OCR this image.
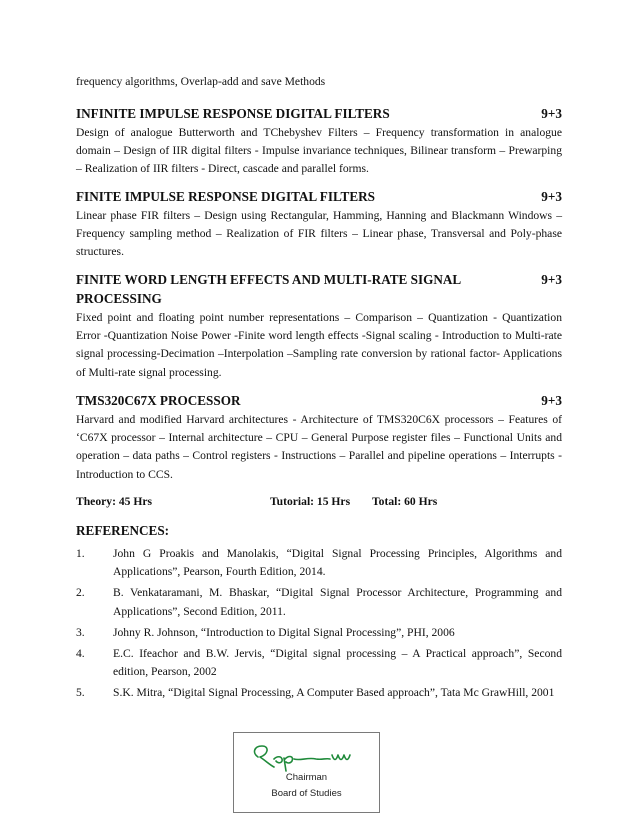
frequency algorithms, Overlap-add and save Methods
INFINITE IMPULSE RESPONSE DIGITAL FILTERS	9+3
Design of analogue Butterworth and TChebyshev Filters – Frequency transformation in analogue domain – Design of IIR digital filters - Impulse invariance techniques, Bilinear transform – Prewarping – Realization of IIR filters - Direct, cascade and parallel forms.
FINITE IMPULSE RESPONSE DIGITAL FILTERS	9+3
Linear phase FIR filters – Design using Rectangular, Hamming, Hanning and Blackmann Windows – Frequency sampling method – Realization of FIR filters – Linear phase, Transversal and Poly-phase structures.
FINITE WORD LENGTH EFFECTS AND MULTI-RATE SIGNAL	9+3
PROCESSING
Fixed point and floating point number representations – Comparison – Quantization - Quantization Error -Quantization Noise Power -Finite word length effects -Signal scaling - Introduction to Multi-rate signal processing-Decimation –Interpolation –Sampling rate conversion by rational factor- Applications of Multi-rate signal processing.
TMS320C67X PROCESSOR	9+3
Harvard and modified Harvard architectures - Architecture of TMS320C6X processors – Features of ‘C67X processor – Internal architecture – CPU – General Purpose register files – Functional Units and operation – data paths – Control registers - Instructions – Parallel and pipeline operations – Interrupts - Introduction to CCS.
Theory: 45 Hrs	Tutorial: 15 Hrs Total: 60 Hrs
REFERENCES:
1.	John G Proakis and Manolakis, “Digital Signal Processing Principles, Algorithms and Applications”, Pearson, Fourth Edition, 2014.
2.	B. Venkataramani, M. Bhaskar, “Digital Signal Processor Architecture, Programming and Applications”, Second Edition, 2011.
3.	Johny R. Johnson, “Introduction to Digital Signal Processing”, PHI, 2006
4.	E.C. Ifeachor and B.W. Jervis, “Digital signal processing – A Practical approach”, Second edition, Pearson, 2002
5.	S.K. Mitra, “Digital Signal Processing, A Computer Based approach”, Tata Mc GrawHill, 2001
Chairman
Board of Studies
